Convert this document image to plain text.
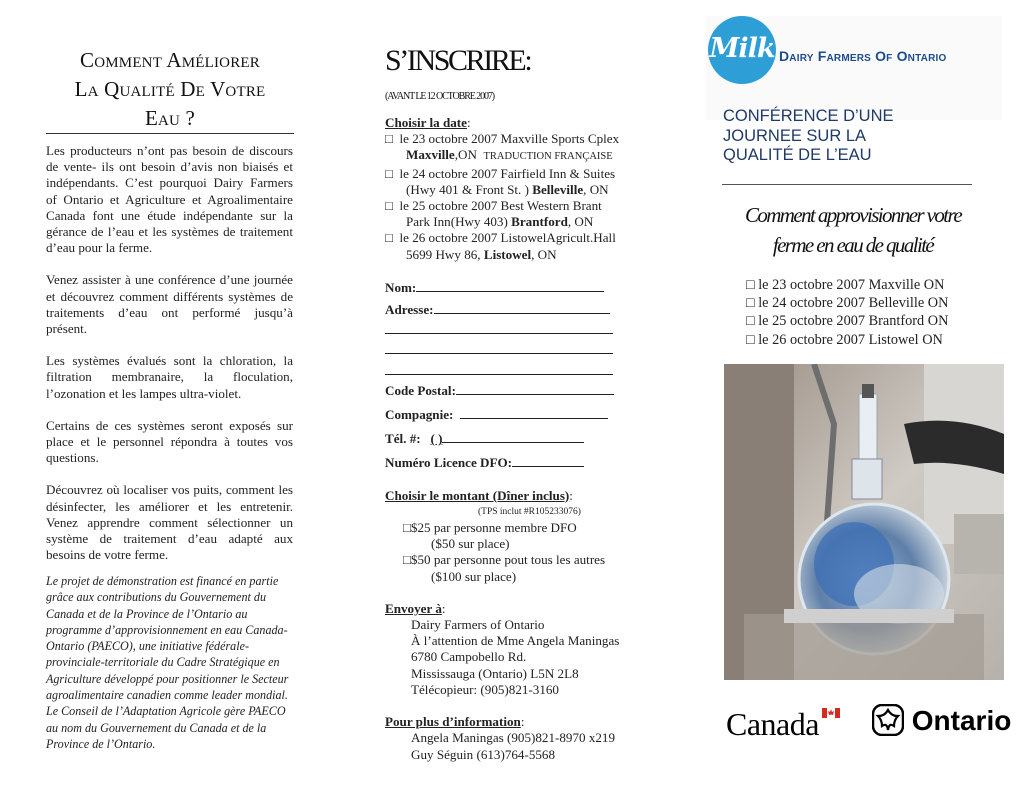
Comment Améliorer
La Qualité De Votre
Eau ?

Les producteurs n’ont pas besoin de discours de vente- ils ont besoin d’avis non biaisés et indépendants. C’est pourquoi Dairy Farmers of Ontario et Agriculture et Agroalimentaire Canada font une étude indépendante sur la gérance de l’eau et les systèmes de traitement d’eau pour la ferme.

Venez assister à une conférence d’une journée et découvrez comment différents systèmes de traitements d’eau ont performé jusqu’à présent.

Les systèmes évalués sont la chloration, la filtration membranaire, la floculation, l’ozonation et les lampes ultra-violet.

Certains de ces systèmes seront exposés sur place et le personnel répondra à toutes vos questions.

Découvrez où localiser vos puits, comment les désinfecter, les améliorer et les entretenir. Venez apprendre comment sélectionner un système de traitement d’eau adapté aux besoins de votre ferme.

Le projet de démonstration est financé en partie grâce aux contributions du Gouvernement du Canada et de la Province de l’Ontario au programme d’approvisionnement en eau Canada-Ontario (PAECO), une initiative fédérale-provinciale-territoriale du Cadre Stratégique en Agriculture développé pour positionner le Secteur agroalimentaire canadien comme leader mondial.

Le Conseil de l’Adaptation Agricole gère PAECO au nom du Gouvernement du Canada et de la Province de l’Ontario.

S’INSCRIRE:
(AVANT LE 12 OCTOBRE 2007)
Choisir la date:
□ le 23 octobre 2007 Maxville Sports Cplex
Maxville,ON TRADUCTION FRANÇAISE
□ le 24 octobre 2007 Fairfield Inn & Suites
(Hwy 401 & Front St. ) Belleville, ON
□ le 25 octobre 2007 Best Western Brant
Park Inn(Hwy 403) Brantford, ON
□ le 26 octobre 2007 ListowelAgricult.Hall
5699 Hwy 86, Listowel, ON
Nom:
Adresse:
Code Postal:
Compagnie:
Tél. #: ( )
Numéro Licence DFO:
Choisir le montant (Dîner inclus):
(TPS inclut #R105233076)
□$25 par personne membre DFO
($50 sur place)
□$50 par personne pout tous les autres
($100 sur place)
Envoyer à:
Dairy Farmers of Ontario
À l’attention de Mme Angela Maningas
6780 Campobello Rd.
Mississauga (Ontario) L5N 2L8
Télécopieur: (905)821-3160
Pour plus d’information:
Angela Maningas (905)821-8970 x219
Guy Séguin (613)764-5568
Milk Dairy Farmers Of Ontario
CONFÉRENCE D’UNE
JOURNEE SUR LA
QUALITÉ DE L’EAU
Comment approvisionner votre
ferme en eau de qualité
□ le 23 octobre 2007 Maxville ON
□ le 24 octobre 2007 Belleville ON
□ le 25 octobre 2007 Brantford ON
□ le 26 octobre 2007 Listowel ON
Canada	Ontario
